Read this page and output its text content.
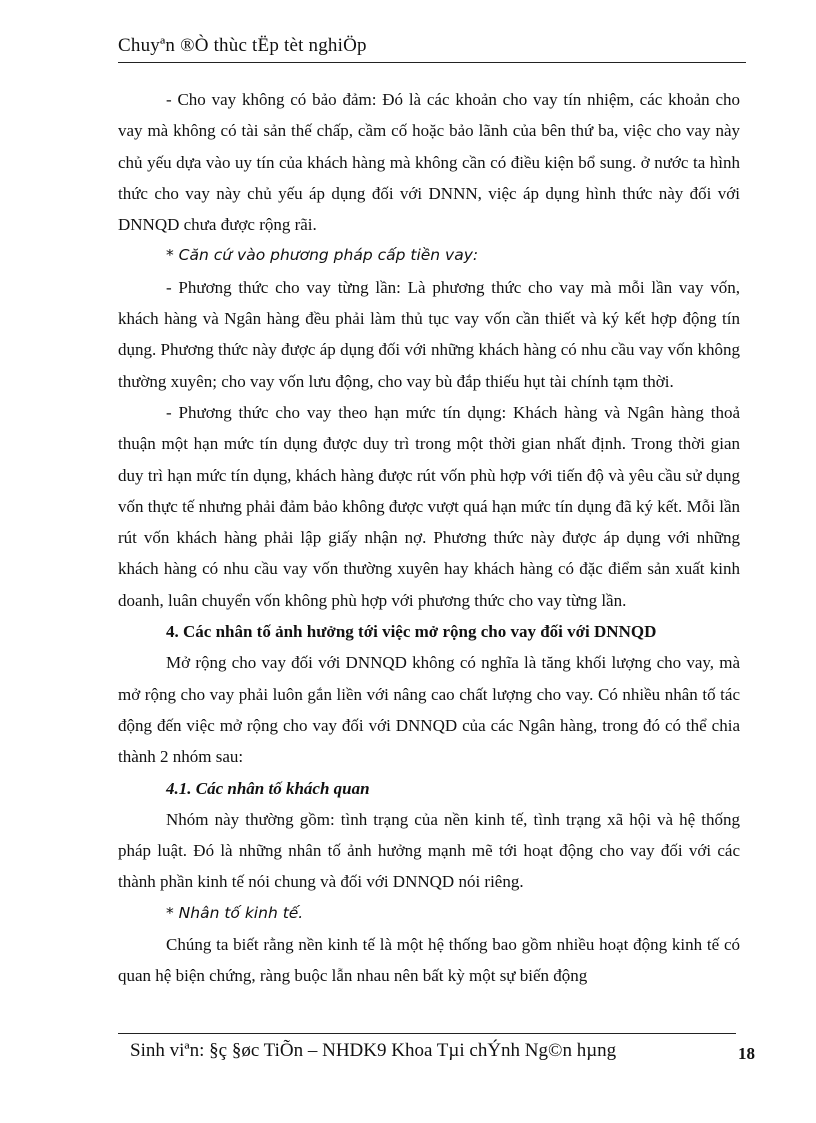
Chuyªn ®Ò thùc tËp tèt nghiÖp

- Cho vay không có bảo đảm: Đó là các khoản cho vay tín nhiệm, các khoản cho vay mà không có tài sản thế chấp, cầm cố hoặc bảo lãnh của bên thứ ba, việc cho vay này chủ yếu dựa vào uy tín của khách hàng mà không cần có điều kiện bổ sung. ở nước ta hình thức cho vay này chủ yếu áp dụng đối với DNNN, việc áp dụng hình thức này đối với DNNQD chưa được rộng rãi.

* Căn cứ vào phương pháp cấp tiền vay:

- Phương thức cho vay từng lần: Là phương thức cho vay mà mỗi lần vay vốn, khách hàng và Ngân hàng đều phải làm thủ tục vay vốn cần thiết và ký kết hợp động tín dụng. Phương thức này được áp dụng đối với những khách hàng có nhu cầu vay vốn không thường xuyên; cho vay vốn lưu động, cho vay bù đắp thiếu hụt tài chính tạm thời.

- Phương thức cho vay theo hạn mức tín dụng: Khách hàng và Ngân hàng thoả thuận một hạn mức tín dụng được duy trì trong một thời gian nhất định. Trong thời gian duy trì hạn mức tín dụng, khách hàng được rút vốn phù hợp với tiến độ và yêu cầu sử dụng vốn thực tế nhưng phải đảm bảo không được vượt quá hạn mức tín dụng đã ký kết. Mỗi lần rút vốn khách hàng phải lập giấy nhận nợ. Phương thức này được áp dụng với những khách hàng có nhu cầu vay vốn thường xuyên hay khách hàng có đặc điểm sản xuất kinh doanh, luân chuyển vốn không phù hợp với phương thức cho vay từng lần.

4. Các nhân tố ảnh hưởng tới việc mở rộng cho vay đối với DNNQD

Mở rộng cho vay đối với DNNQD không có nghĩa là tăng khối lượng cho vay, mà mở rộng cho vay phải luôn gắn liền với nâng cao chất lượng cho vay. Có nhiều nhân tố tác động đến việc mở rộng cho vay đối với DNNQD của các Ngân hàng, trong đó có thể chia thành 2 nhóm sau:

4.1. Các nhân tố khách quan

Nhóm này thường gồm: tình trạng của nền kinh tế, tình trạng xã hội và hệ thống pháp luật. Đó là những nhân tố ảnh hưởng mạnh mẽ tới hoạt động cho vay đối với các thành phần kinh tế nói chung và đối với DNNQD nói riêng.

* Nhân tố kinh tế.

Chúng ta biết rằng nền kinh tế là một hệ thống bao gồm nhiều hoạt động kinh tế có quan hệ biện chứng, ràng buộc lẫn nhau nên bất kỳ một sự biến động

Sinh viªn: §ç §øc TiÕn – NHDK9 Khoa Tµi chÝnh Ng©n hµng	18
